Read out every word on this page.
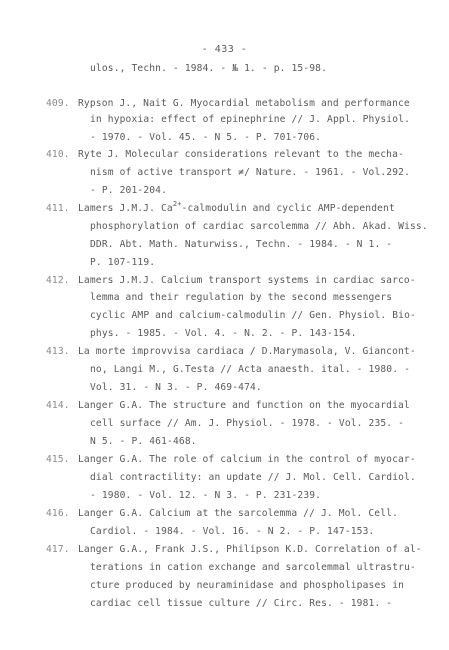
- 433 -
ulos., Techn. - 1984. - № 1. - p. 15-98.
409. Rypson J., Nait G. Myocardial metabolism and performance
in hypoxia: effect of epinephrine // J. Appl. Physiol.
- 1970. - Vol. 45. - N 5. - P. 701-706.
410. Ryte J. Molecular considerations relevant to the mecha-
nism of active transport ≠/ Nature. - 1961. - Vol.292.
- P. 201-204.
411. Lamers J.M.J. $Ca^{2+}$-calmodulin and cyclic AMP-dependent
phosphorylation of cardiac sarcolemma // Abh. Akad. Wiss.
DDR. Abt. Math. Naturwiss., Techn. - 1984. - N 1. -
P. 107-119.
412. Lamers J.M.J. Calcium transport systems in cardiac sarco-
lemma and their regulation by the second messengers
cyclic AMP and calcium-calmodulin // Gen. Physiol. Bio-
phys. - 1985. - Vol. 4. - N. 2. - P. 143-154.
413. La morte improvvisa cardiaca / D.Marymasola, V. Giancont-
no, Langi M., G.Testa // Acta anaesth. ital. - 1980. -
Vol. 31. - N 3. - P. 469-474.
414. Langer G.A. The structure and function on the myocardial
cell surface // Am. J. Physiol. - 1978. - Vol. 235. -
N 5. - P. 461-468.
415. Langer G.A. The role of calcium in the control of myocar-
dial contractility: an update // J. Mol. Cell. Cardiol.
- 1980. - Vol. 12. - N 3. - P. 231-239.
416. Langer G.A. Calcium at the sarcolemma // J. Mol. Cell.
Cardiol. - 1984. - Vol. 16. - N 2. - P. 147-153.
417. Langer G.A., Frank J.S., Philipson K.D. Correlation of al-
terations in cation exchange and sarcolemmal ultrastru-
cture produced by neuraminidase and phospholipases in
cardiac cell tissue culture // Circ. Res. - 1981. -
